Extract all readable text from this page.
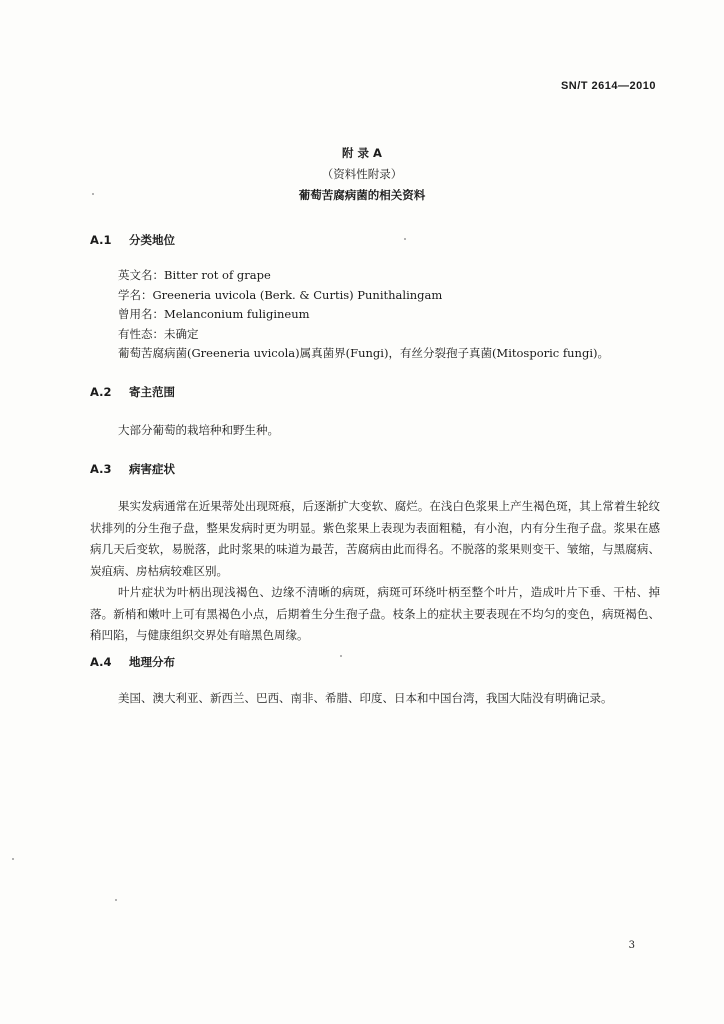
SN/T 2614—2010
附 录 A
（资料性附录）
葡萄苦腐病菌的相关资料
A.1 分类地位
英文名：Bitter rot of grape
学名：Greeneria uvicola (Berk. & Curtis) Punithalingam
曾用名：Melanconium fuligineum
有性态：未确定
葡萄苦腐病菌(Greeneria uvicola)属真菌界(Fungi)，有丝分裂孢子真菌(Mitosporic fungi)。
A.2 寄主范围
大部分葡萄的栽培种和野生种。
A.3 病害症状

果实发病通常在近果蒂处出现斑痕，后逐渐扩大变软、腐烂。在浅白色浆果上产生褐色斑，其上常着生轮纹状排列的分生孢子盘，整果发病时更为明显。紫色浆果上表现为表面粗糙，有小泡，内有分生孢子盘。浆果在感病几天后变软，易脱落，此时浆果的味道为最苦，苦腐病由此而得名。不脱落的浆果则变干、皱缩，与黑腐病、炭疽病、房枯病较难区别。

叶片症状为叶柄出现浅褐色、边缘不清晰的病斑，病斑可环绕叶柄至整个叶片，造成叶片下垂、干枯、掉落。新梢和嫩叶上可有黑褐色小点，后期着生分生孢子盘。枝条上的症状主要表现在不均匀的变色，病斑褐色、稍凹陷，与健康组织交界处有暗黑色周缘。

A.4 地理分布
美国、澳大利亚、新西兰、巴西、南非、希腊、印度、日本和中国台湾，我国大陆没有明确记录。
3
